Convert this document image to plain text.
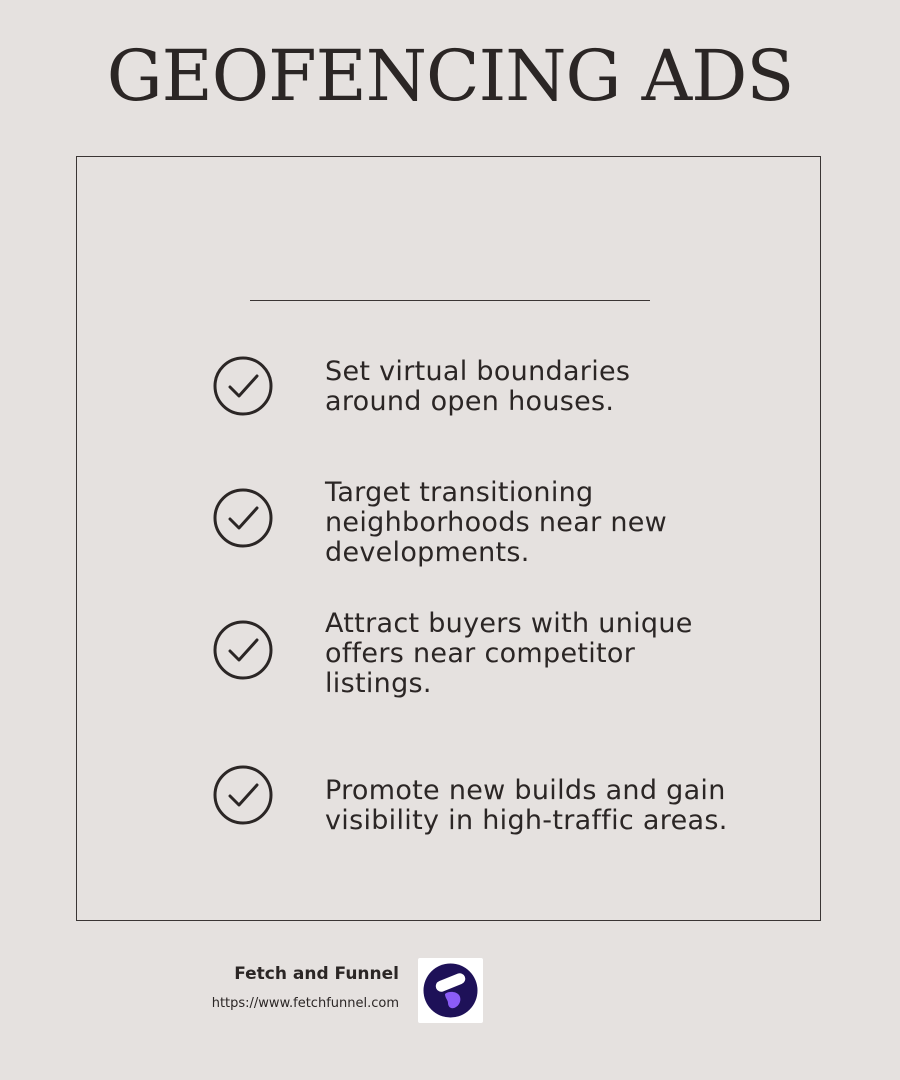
GEOFENCING ADS

Set virtual boundaries around open houses.

Target transitioning neighborhoods near new developments.

Attract buyers with unique offers near competitor listings.

Promote new builds and gain visibility in high-traffic areas.

Fetch and Funnel
https://www.fetchfunnel.com
